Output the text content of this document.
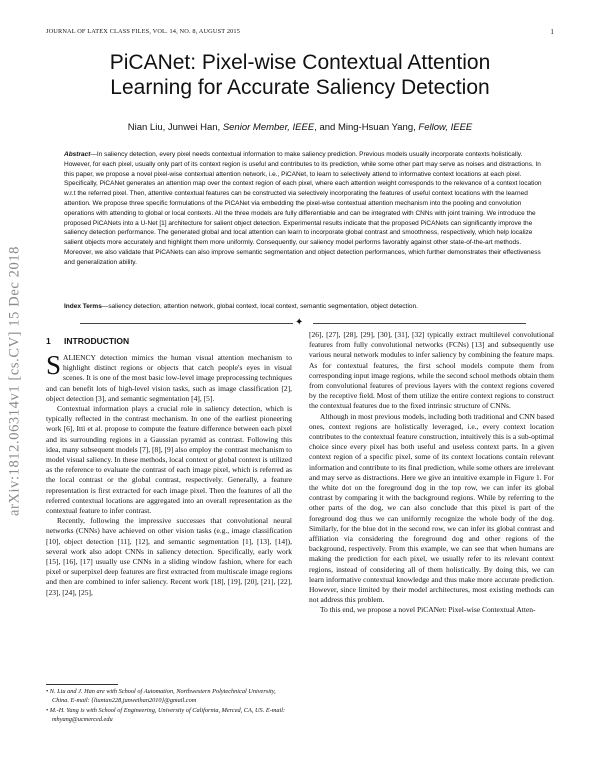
JOURNAL OF LATEX CLASS FILES, VOL. 14, NO. 8, AUGUST 2015	1
arXiv:1812.06314v1 [cs.CV] 15 Dec 2018
PiCANet: Pixel-wise Contextual Attention
Learning for Accurate Saliency Detection
Nian Liu, Junwei Han, Senior Member, IEEE, and Ming-Hsuan Yang, Fellow, IEEE
Abstract—In saliency detection, every pixel needs contextual information to make saliency prediction. Previous models usually incorporate contexts holistically. However, for each pixel, usually only part of its context region is useful and contributes to its prediction, while some other part may serve as noises and distractions. In this paper, we propose a novel pixel-wise contextual attention network, i.e., PiCANet, to learn to selectively attend to informative context locations at each pixel. Specifically, PiCANet generates an attention map over the context region of each pixel, where each attention weight corresponds to the relevance of a context location w.r.t the referred pixel. Then, attentive contextual features can be constructed via selectively incorporating the features of useful context locations with the learned attention. We propose three specific formulations of the PiCANet via embedding the pixel-wise contextual attention mechanism into the pooling and convolution operations with attending to global or local contexts. All the three models are fully differentiable and can be integrated with CNNs with joint training. We introduce the proposed PiCANets into a U-Net [1] architecture for salient object detection. Experimental results indicate that the proposed PiCANets can significantly improve the saliency detection performance. The generated global and local attention can learn to incorporate global contrast and smoothness, respectively, which help localize salient objects more accurately and highlight them more uniformly. Consequently, our saliency model performs favorably against other state-of-the-art methods. Moreover, we also validate that PiCANets can also improve semantic segmentation and object detection performances, which further demonstrates their effectiveness and generalization ability.
Index Terms—saliency detection, attention network, global context, local context, semantic segmentation, object detection.
✦
1 INTRODUCTION

SALIENCY detection mimics the human visual attention mechanism to highlight distinct regions or objects that catch people's eyes in visual scenes. It is one of the most basic low-level image preprocessing techniques and can benefit lots of high-level vision tasks, such as image classification [2], object detection [3], and semantic segmentation [4], [5].

Contextual information plays a crucial role in saliency detection, which is typically reflected in the contrast mechanism. In one of the earliest pioneering work [6], Itti et al. propose to compute the feature difference between each pixel and its surrounding regions in a Gaussian pyramid as contrast. Following this idea, many subsequent models [7], [8], [9] also employ the contrast mechanism to model visual saliency. In these methods, local context or global context is utilized as the reference to evaluate the contrast of each image pixel, which is referred as the local contrast or the global contrast, respectively. Generally, a feature representation is first extracted for each image pixel. Then the features of all the referred contextual locations are aggregated into an overall representation as the contextual feature to infer contrast.

Recently, following the impressive successes that convolutional neural networks (CNNs) have achieved on other vision tasks (e.g., image classification [10], object detection [11], [12], and semantic segmentation [1], [13], [14]), several work also adopt CNNs in saliency detection. Specifically, early work [15], [16], [17] usually use CNNs in a sliding window fashion, where for each pixel or superpixel deep features are first extracted from multiscale image regions and then are combined to infer saliency. Recent work [18], [19], [20], [21], [22], [23], [24], [25],

• N. Liu and J. Han are with School of Automation, Northwestern Polytechnical University, China. E-mail: {liunian228,junweihan2010}@gmail.com
• M.-H. Yang is with School of Engineering, University of California, Merced, CA, US. E-mail: mhyang@ucmerced.edu

[26], [27], [28], [29], [30], [31], [32] typically extract multilevel convolutional features from fully convolutional networks (FCNs) [13] and subsequently use various neural network modules to infer saliency by combining the feature maps. As for contextual features, the first school models compute them from corresponding input image regions, while the second school methods obtain them from convolutional features of previous layers with the context regions covered by the receptive field. Most of them utilize the entire context regions to construct the contextual features due to the fixed intrinsic structure of CNNs.

Although in most previous models, including both traditional and CNN based ones, context regions are holistically leveraged, i.e., every context location contributes to the contextual feature construction, intuitively this is a sub-optimal choice since every pixel has both useful and useless context parts. In a given context region of a specific pixel, some of its context locations contain relevant information and contribute to its final prediction, while some others are irrelevant and may serve as distractions. Here we give an intuitive example in Figure 1. For the white dot on the foreground dog in the top row, we can infer its global contrast by comparing it with the background regions. While by referring to the other parts of the dog, we can also conclude that this pixel is part of the foreground dog thus we can uniformly recognize the whole body of the dog. Similarly, for the blue dot in the second row, we can infer its global contrast and affiliation via considering the foreground dog and other regions of the background, respectively. From this example, we can see that when humans are making the prediction for each pixel, we usually refer to its relevant context regions, instead of considering all of them holistically. By doing this, we can learn informative contextual knowledge and thus make more accurate prediction. However, since limited by their model architectures, most existing methods can not address this problem.

To this end, we propose a novel PiCANet: Pixel-wise Contextual Atten-
